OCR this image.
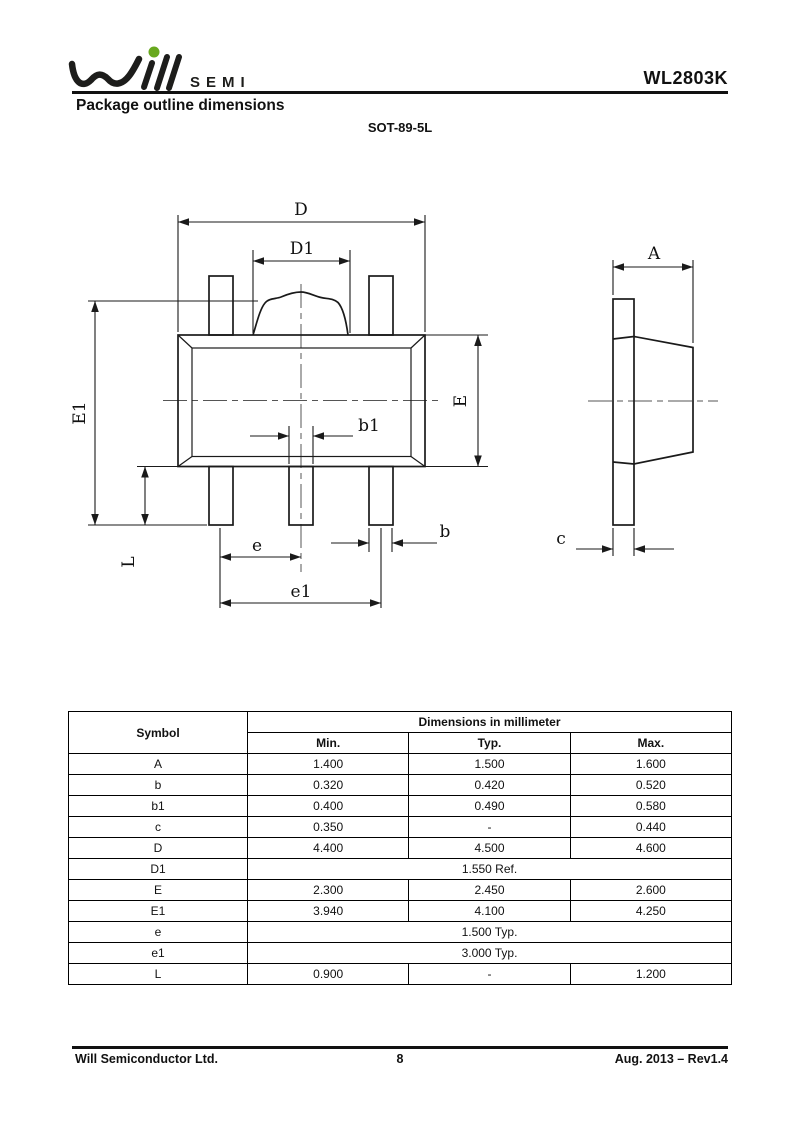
SEMI	WL2803K
Package outline dimensions
SOT-89-5L
D
D1
E1
E
L
b1
b
e
e1
A
c
Symbol	Dimensions in millimeter		
	Min.	Typ.	Max.
A	1.400	1.500	1.600
b	0.320	0.420	0.520
b1	0.400	0.490	0.580
c	0.350	-	0.440
D	4.400	4.500	4.600
D1	1.550 Ref.		
E	2.300	2.450	2.600
E1	3.940	4.100	4.250
e	1.500 Typ.		
e1	3.000 Typ.		
L	0.900	-	1.200
Will Semiconductor Ltd.	8	Aug. 2013 – Rev1.4
